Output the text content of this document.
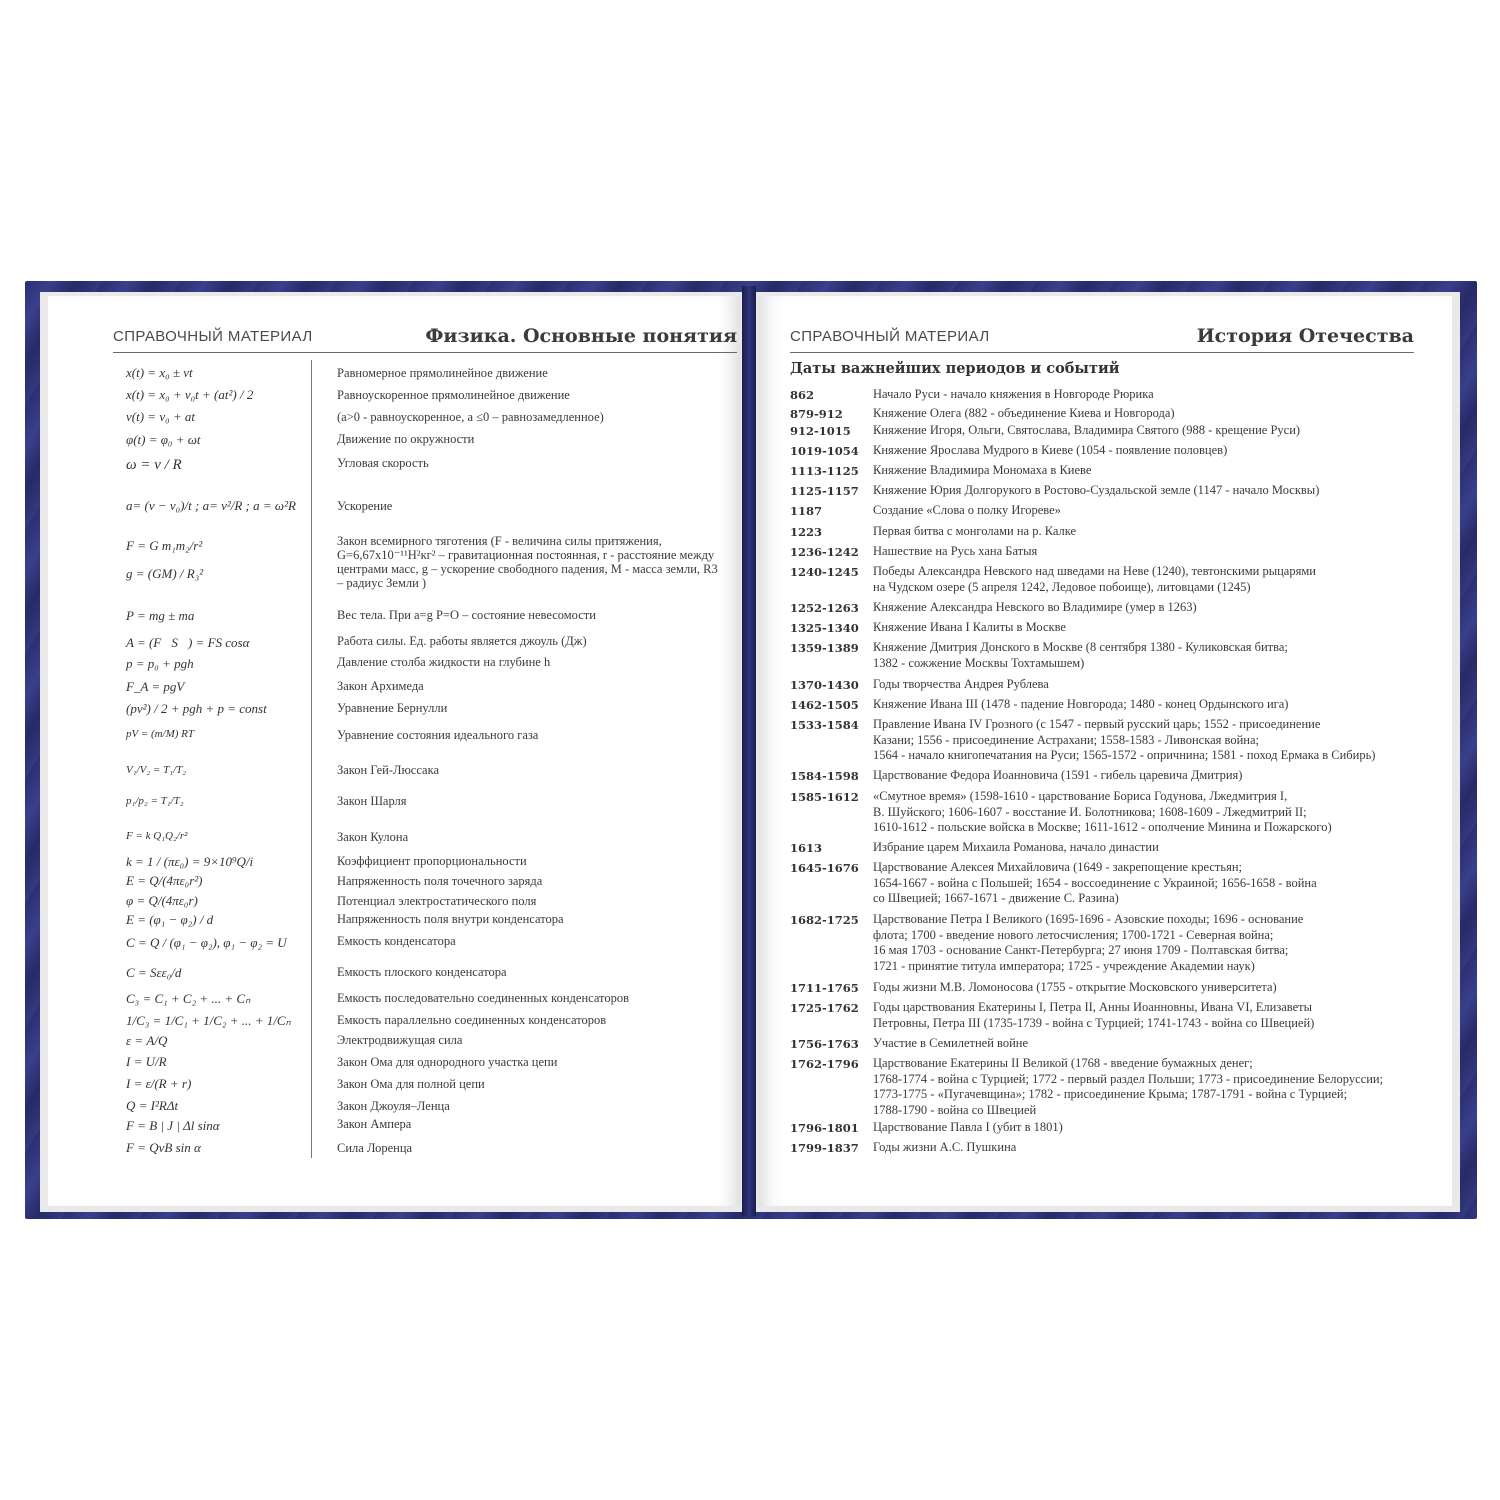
СПРАВОЧНЫЙ МАТЕРИАЛ	Физика. Основные понятия
x(t) = x₀ ± vt	Равномерное прямолинейное движение
x(t) = x₀ + v₀t + (at²) / 2	Равноускоренное прямолинейное движение
v(t) = v₀ + at	(a>0 - равноускоренное, a ≤0 – равнозамедленное)
φ(t) = φ₀ + ωt	Движение по окружности
ω = v / R	Угловая скорость
a= (v − v₀)/t ; a= v²/R ; a = ω²R	Ускорение
F = G m₁m₂/r²	Закон всемирного тяготения (F - величина силы притяжения, G=6,67x10⁻¹¹Н²кг² – гравитационная постоянная, r - расстояние между центрами масс, g – ускорение свободного падения, M - масса земли, R3 – радиус Земли )
g = (GM) / R₃²
P = mg ± ma	Вес тела. При a=g P=O – состояние невесомости
A = (F⃗S⃗) = FS cosα	Работа силы. Ед. работы является джоуль (Дж)
p = p₀ + pgh	Давление столба жидкости на глубине h
F_A = pgV	Закон Архимеда
(pv²) / 2 + pgh + p = const	Уравнение Бернулли
pV = (m/M) RT	Уравнение состояния идеального газа
V₁/V₂ = T₁/T₂	Закон Гей-Люссака
p₁/p₂ = T₁/T₂	Закон Шарля
F = k Q₁Q₂/r²	Закон Кулона
k = 1 / (πε₀) = 9×10⁹Q/i	Коэффициент пропорциональности
E = Q/(4πε₀r²)	Напряженность поля точечного заряда
φ = Q/(4πε₀r)	Потенциал электростатического поля
E = (φ₁ − φ₂) / d	Напряженность поля внутри конденсатора
C = Q / (φ₁ − φ₂), φ₁ − φ₂ = U	Емкость конденсатора
C = Sεε₀/d	Емкость плоского конденсатора
C₃ = C₁ + C₂ + ... + Cₙ	Емкость последовательно соединенных конденсаторов
1/C₃ = 1/C₁ + 1/C₂ + ... + 1/Cₙ	Емкость параллельно соединенных конденсаторов
ε = A/Q	Электродвижущая сила
I = U/R	Закон Ома для однородного участка цепи
I = ε/(R + r)	Закон Ома для полной цепи
Q = I²RΔt	Закон Джоуля–Ленца
F = B | J | Δl sinα	Закон Ампера
F = QvB sin α	Сила Лоренца
СПРАВОЧНЫЙ МАТЕРИАЛ	История Отечества
Даты важнейших периодов и событий
862	Начало Руси - начало княжения в Новгороде Рюрика
879-912 Княжение Олега (882 - объединение Киева и Новгорода)
912-1015 Княжение Игоря, Ольги, Святослава, Владимира Святого (988 - крещение Руси)
1019-1054 Княжение Ярослава Мудрого в Киеве (1054 - появление половцев)
1113-1125 Княжение Владимира Мономаха в Киеве
1125-1157 Княжение Юрия Долгорукого в Ростово-Суздальской земле (1147 - начало Москвы)
1187	Создание «Слова о полку Игореве»
1223	Первая битва с монголами на р. Калке
1236-1242 Нашествие на Русь хана Батыя
1240-1245 Победы Александра Невского над шведами на Неве (1240), тевтонскими рыцарями
на Чудском озере (5 апреля 1242, Ледовое побоище), литовцами (1245)
1252-1263 Княжение Александра Невского во Владимире (умер в 1263)
1325-1340 Княжение Ивана I Калиты в Москве
1359-1389 Княжение Дмитрия Донского в Москве (8 сентября 1380 - Куликовская битва;
1382 - сожжение Москвы Тохтамышем)
1370-1430 Годы творчества Андрея Рублева
1462-1505 Княжение Ивана III (1478 - падение Новгорода; 1480 - конец Ордынского ига)
1533-1584 Правление Ивана IV Грозного (с 1547 - первый русский царь; 1552 - присоединение
Казани; 1556 - присоединение Астрахани; 1558-1583 - Ливонская война;
1564 - начало книгопечатания на Руси; 1565-1572 - опричнина; 1581 - поход Ермака в Сибирь)
1584-1598 Царствование Федора Иоанновича (1591 - гибель царевича Дмитрия)
1585-1612 «Смутное время» (1598-1610 - царствование Бориса Годунова, Лжедмитрия I,
В. Шуйского; 1606-1607 - восстание И. Болотникова; 1608-1609 - Лжедмитрий II;
1610-1612 - польские войска в Москве; 1611-1612 - ополчение Минина и Пожарского)
1613	Избрание царем Михаила Романова, начало династии
1645-1676 Царствование Алексея Михайловича (1649 - закрепощение крестьян;
1654-1667 - война с Польшей; 1654 - воссоединение с Украиной; 1656-1658 - война
со Швецией; 1667-1671 - движение С. Разина)
1682-1725 Царствование Петра I Великого (1695-1696 - Азовские походы; 1696 - основание
флота; 1700 - введение нового летосчисления; 1700-1721 - Северная война;
16 мая 1703 - основание Санкт-Петербурга; 27 июня 1709 - Полтавская битва;
1721 - принятие титула императора; 1725 - учреждение Академии наук)
1711-1765 Годы жизни М.В. Ломоносова (1755 - открытие Московского университета)
1725-1762 Годы царствования Екатерины I, Петра II, Анны Иоанновны, Ивана VI, Елизаветы
Петровны, Петра III (1735-1739 - война с Турцией; 1741-1743 - война со Швецией)
1756-1763 Участие в Семилетней войне
1762-1796 Царствование Екатерины II Великой (1768 - введение бумажных денег;
1768-1774 - война с Турцией; 1772 - первый раздел Польши; 1773 - присоединение Белоруссии;
1773-1775 - «Пугачевщина»; 1782 - присоединение Крыма; 1787-1791 - война с Турцией;
1788-1790 - война со Швецией
1796-1801 Царствование Павла I (убит в 1801)
1799-1837 Годы жизни А.С. Пушкина
